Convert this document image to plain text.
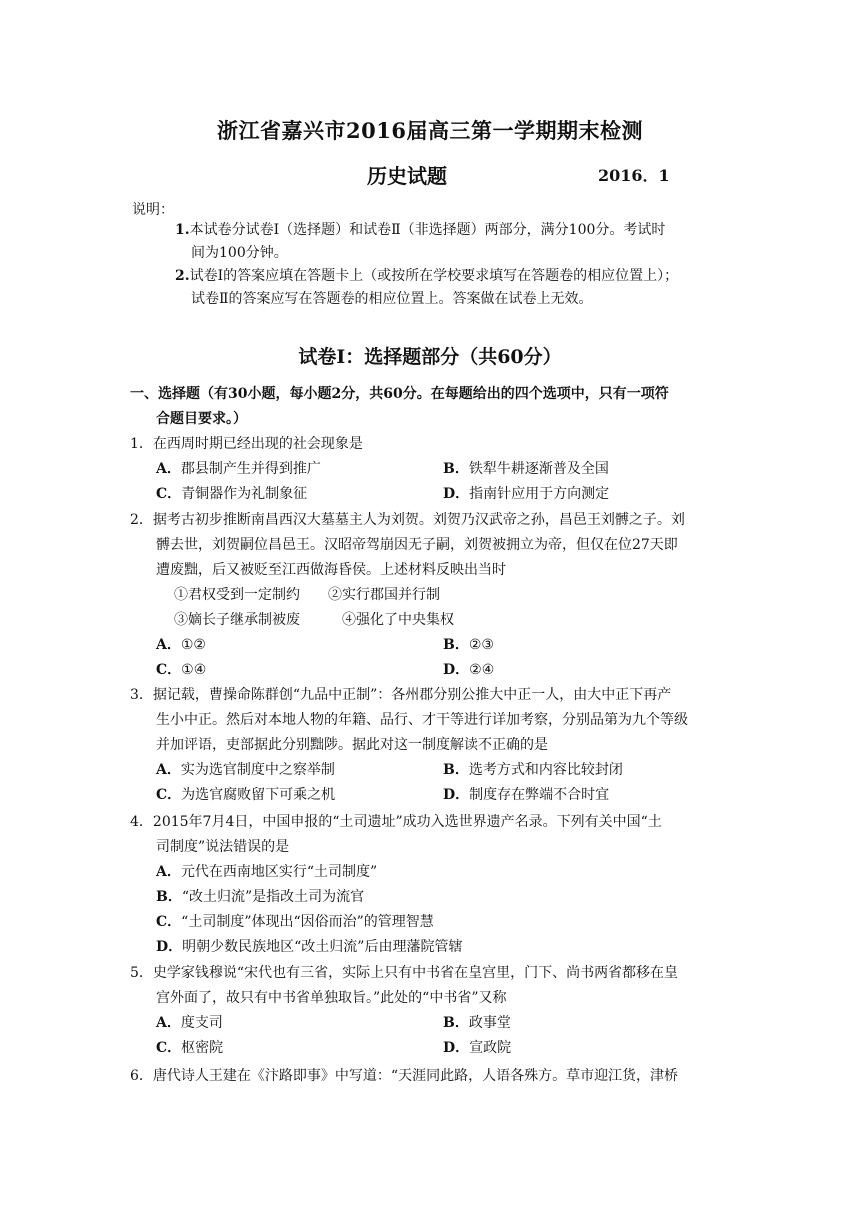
浙江省嘉兴市2016届高三第一学期期末检测
历史试题	2016．1
说明：
1.本试卷分试卷Ⅰ（选择题）和试卷Ⅱ（非选择题）两部分，满分100分。考试时
间为100分钟。
2.试卷Ⅰ的答案应填在答题卡上（或按所在学校要求填写在答题卷的相应位置上）；
试卷Ⅱ的答案应写在答题卷的相应位置上。答案做在试卷上无效。
试卷Ⅰ：选择题部分（共60分）
一、选择题（有30小题，每小题2分，共60分。在每题给出的四个选项中，只有一项符
合题目要求。）
1．在西周时期已经出现的社会现象是
A．郡县制产生并得到推广	B．铁犁牛耕逐渐普及全国
C．青铜器作为礼制象征	D．指南针应用于方向测定
2．据考古初步推断南昌西汉大墓墓主人为刘贺。刘贺乃汉武帝之孙，昌邑王刘髆之子。刘
髆去世，刘贺嗣位昌邑王。汉昭帝驾崩因无子嗣，刘贺被拥立为帝，但仅在位27天即
遭废黜，后又被贬至江西做海昏侯。上述材料反映出当时
①君权受到一定制约　　②实行郡国并行制
③嫡长子继承制被废　　　④强化了中央集权
A．①②	B．②③
C．①④	D．②④
3．据记载，曹操命陈群创“九品中正制”：各州郡分别公推大中正一人，由大中正下再产
生小中正。然后对本地人物的年籍、品行、才干等进行详加考察，分别品第为九个等级
并加评语，吏部据此分别黜陟。据此对这一制度解读不正确的是
A．实为选官制度中之察举制	B．选考方式和内容比较封闭
C．为选官腐败留下可乘之机	D．制度存在弊端不合时宜
4．2015年7月4日，中国申报的“土司遗址”成功入选世界遗产名录。下列有关中国“土
司制度”说法错误的是
A．元代在西南地区实行“土司制度”
B．“改土归流”是指改土司为流官
C．“土司制度”体现出“因俗而治”的管理智慧
D．明朝少数民族地区“改土归流”后由理藩院管辖
5．史学家钱穆说“宋代也有三省，实际上只有中书省在皇宫里，门下、尚书两省都移在皇
宫外面了，故只有中书省单独取旨。”此处的“中书省”又称
A．度支司	B．政事堂
C．枢密院	D．宣政院
6．唐代诗人王建在《汴路即事》中写道：“天涯同此路，人语各殊方。草市迎江货，津桥
